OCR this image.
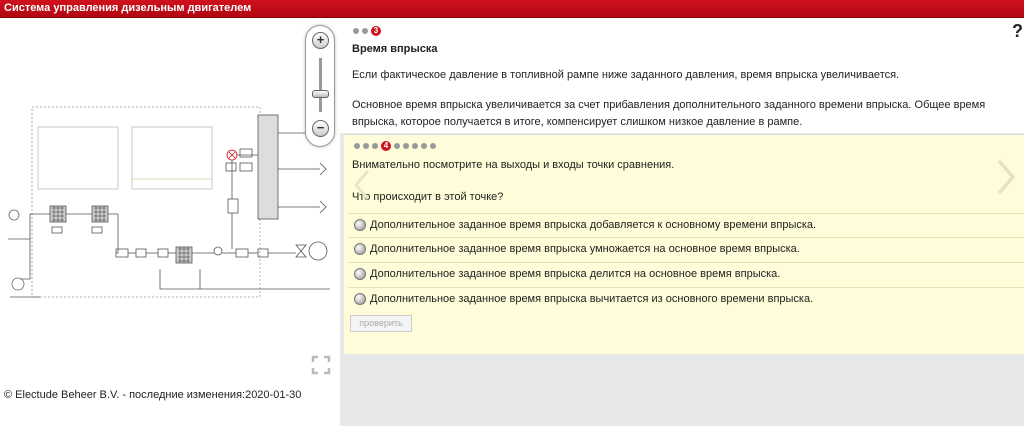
Система управления дизельным двигателем
+
−
© Electude Beheer B.V. - последние изменения:2020-01-30
3
Время впрыска
Если фактическое давление в топливной рампе ниже заданного давления, время впрыска увеличивается.
Основное время впрыска увеличивается за счет прибавления дополнительного заданного времени впрыска. Общее время впрыска, которое получается в итоге, компенсирует слишком низкое давление в рампе.
?
4
Внимательно посмотрите на выходы и входы точки сравнения.
Что происходит в этой точке?
Дополнительное заданное время впрыска добавляется к основному времени впрыска.
Дополнительное заданное время впрыска умножается на основное время впрыска.
Дополнительное заданное время впрыска делится на основное время впрыска.
Дополнительное заданное время впрыска вычитается из основного времени впрыска.
проверить
